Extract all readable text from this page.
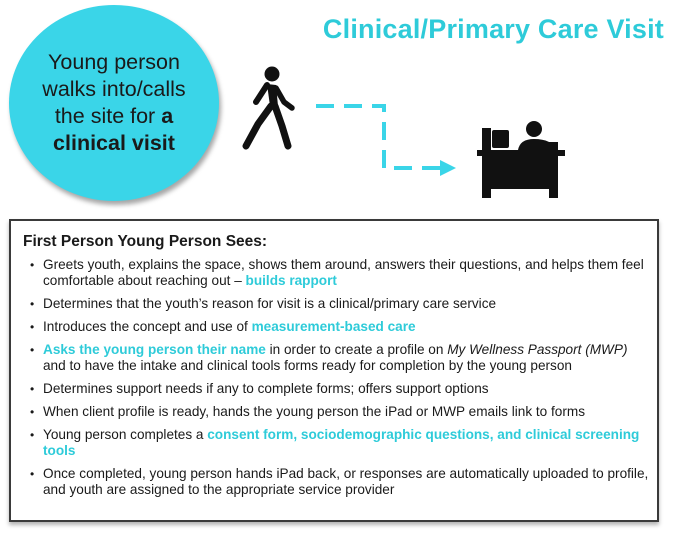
Clinical/Primary Care Visit
Young person walks into/calls the site for a clinical visit
First Person Young Person Sees:
• Greets youth, explains the space, shows them around, answers their questions, and helps them feel comfortable about reaching out – builds rapport
• Determines that the youth’s reason for visit is a clinical/primary care service
• Introduces the concept and use of measurement-based care
• Asks the young person their name in order to create a profile on My Wellness Passport (MWP) and to have the intake and clinical tools forms ready for completion by the young person
• Determines support needs if any to complete forms; offers support options
• When client profile is ready, hands the young person the iPad or MWP emails link to forms
• Young person completes a consent form, sociodemographic questions, and clinical screening tools
• Once completed, young person hands iPad back, or responses are automatically uploaded to profile, and youth are assigned to the appropriate service provider
